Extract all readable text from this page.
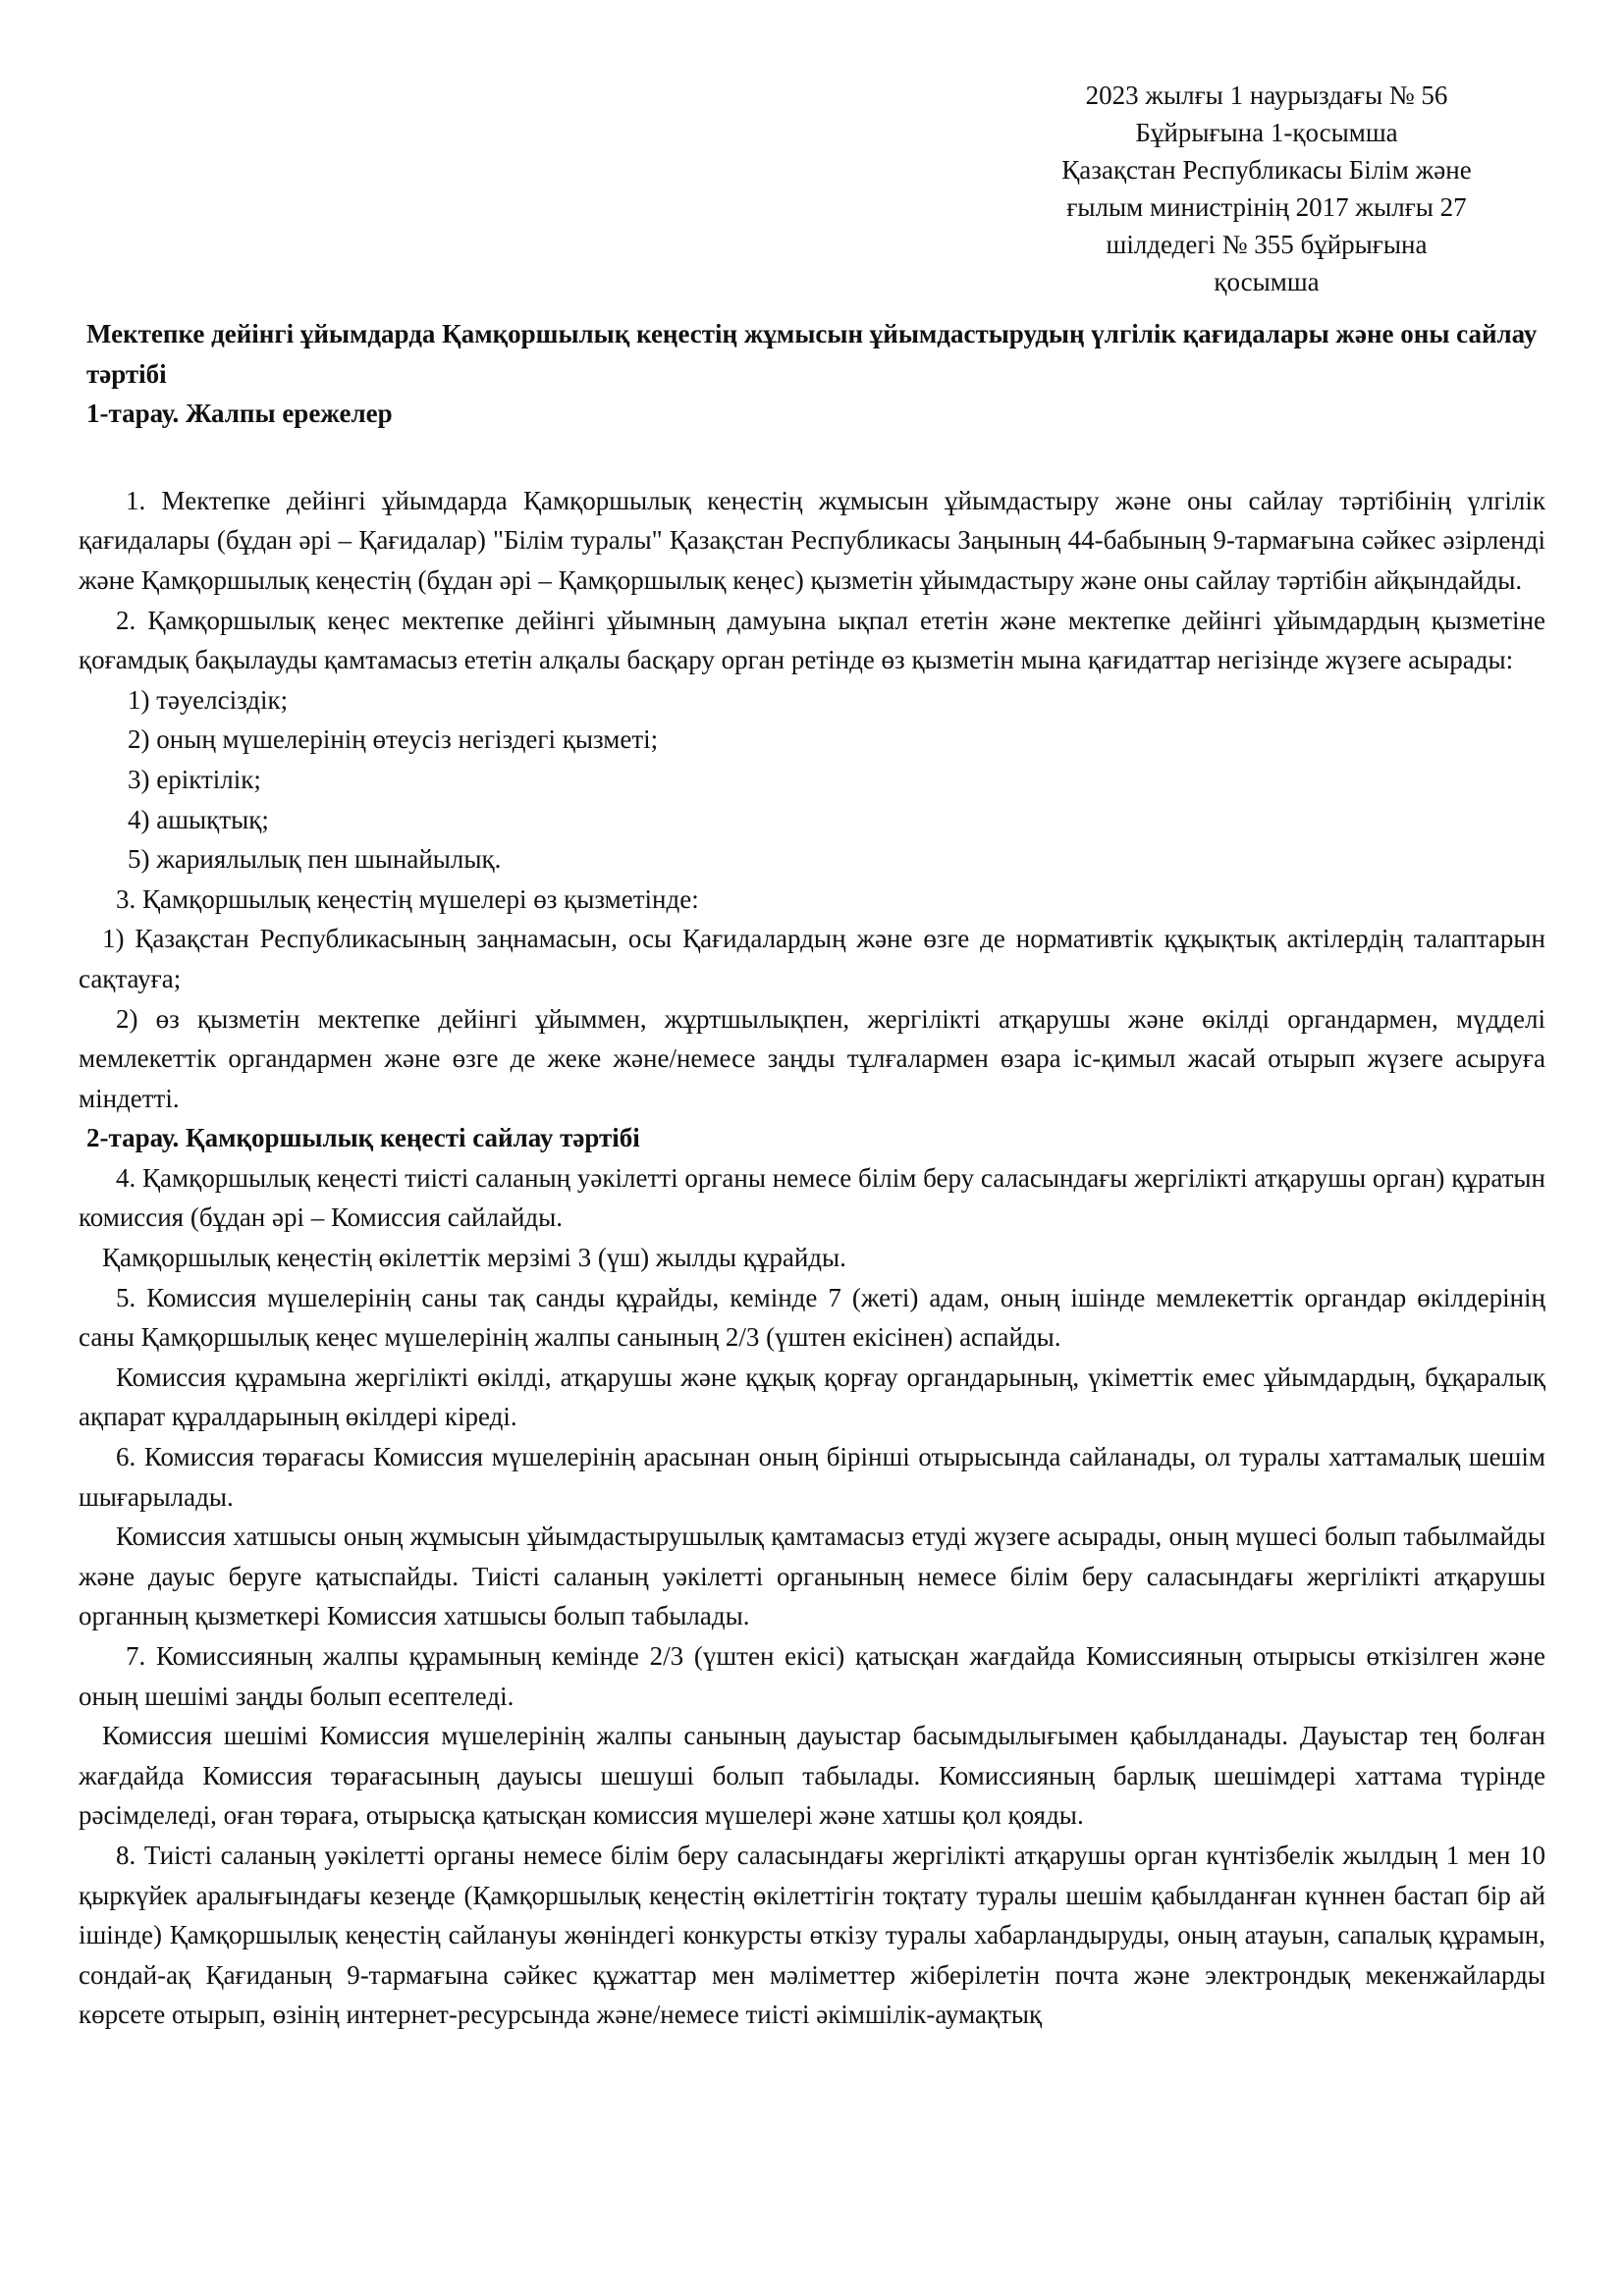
2023 жылғы 1 наурыздағы № 56
Бұйрығына 1-қосымша
Қазақстан Республикасы Білім және
ғылым министрінің 2017 жылғы 27
шілдедегі № 355 бұйрығына
қосымша

Мектепке дейінгі ұйымдарда Қамқоршылық кеңестің жұмысын ұйымдастырудың үлгілік қағидалары және оны сайлау тәртібі

1-тарау. Жалпы ережелер

1. Мектепке дейінгі ұйымдарда Қамқоршылық кеңестің жұмысын ұйымдастыру және оны сайлау тәртібінің үлгілік қағидалары (бұдан әрі – Қағидалар) "Білім туралы" Қазақстан Республикасы Заңының 44-бабының 9-тармағына сәйкес әзірленді және Қамқоршылық кеңестің (бұдан әрі – Қамқоршылық кеңес) қызметін ұйымдастыру және оны сайлау тәртібін айқындайды.

2. Қамқоршылық кеңес мектепке дейінгі ұйымның дамуына ықпал ететін және мектепке дейінгі ұйымдардың қызметіне қоғамдық бақылауды қамтамасыз ететін алқалы басқару орган ретінде өз қызметін мына қағидаттар негізінде жүзеге асырады:

1) тәуелсіздік;

2) оның мүшелерінің өтеусіз негіздегі қызметі;

3) еріктілік;

4) ашықтық;

5) жариялылық пен шынайылық.

3. Қамқоршылық кеңестің мүшелері өз қызметінде:

1) Қазақстан Республикасының заңнамасын, осы Қағидалардың және өзге де нормативтік құқықтық актілердің талаптарын сақтауға;

2) өз қызметін мектепке дейінгі ұйыммен, жұртшылықпен, жергілікті атқарушы және өкілді органдармен, мүдделі мемлекеттік органдармен және өзге де жеке және/немесе заңды тұлғалармен өзара іс-қимыл жасай отырып жүзеге асыруға міндетті.

2-тарау. Қамқоршылық кеңесті сайлау тәртібі

4. Қамқоршылық кеңесті тиісті саланың уәкілетті органы немесе білім беру саласындағы жергілікті атқарушы орган) құратын комиссия (бұдан әрі – Комиссия сайлайды.

Қамқоршылық кеңестің өкілеттік мерзімі 3 (үш) жылды құрайды.

5. Комиссия мүшелерінің саны тақ санды құрайды, кемінде 7 (жеті) адам, оның ішінде мемлекеттік органдар өкілдерінің саны Қамқоршылық кеңес мүшелерінің жалпы санының 2/3 (үштен екісінен) аспайды.

Комиссия құрамына жергілікті өкілді, атқарушы және құқық қорғау органдарының, үкіметтік емес ұйымдардың, бұқаралық ақпарат құралдарының өкілдері кіреді.

6. Комиссия төрағасы Комиссия мүшелерінің арасынан оның бірінші отырысында сайланады, ол туралы хаттамалық шешім шығарылады.

Комиссия хатшысы оның жұмысын ұйымдастырушылық қамтамасыз етуді жүзеге асырады, оның мүшесі болып табылмайды және дауыс беруге қатыспайды. Тиісті саланың уәкілетті органының немесе білім беру саласындағы жергілікті атқарушы органның қызметкері Комиссия хатшысы болып табылады.

7. Комиссияның жалпы құрамының кемінде 2/3 (үштен екісі) қатысқан жағдайда Комиссияның отырысы өткізілген және оның шешімі заңды болып есептеледі.

Комиссия шешімі Комиссия мүшелерінің жалпы санының дауыстар басымдылығымен қабылданады. Дауыстар тең болған жағдайда Комиссия төрағасының дауысы шешуші болып табылады. Комиссияның барлық шешімдері хаттама түрінде рәсімделеді, оған төраға, отырысқа қатысқан комиссия мүшелері және хатшы қол қояды.

8. Тиісті саланың уәкілетті органы немесе білім беру саласындағы жергілікті атқарушы орган күнтізбелік жылдың 1 мен 10 қыркүйек аралығындағы кезеңде (Қамқоршылық кеңестің өкілеттігін тоқтату туралы шешім қабылданған күннен бастап бір ай ішінде) Қамқоршылық кеңестің сайлануы жөніндегі конкурсты өткізу туралы хабарландыруды, оның атауын, сапалық құрамын, сондай-ақ Қағиданың 9-тармағына сәйкес құжаттар мен мәліметтер жіберілетін почта және электрондық мекенжайларды көрсете отырып, өзінің интернет-ресурсында және/немесе тиісті әкімшілік-аумақтық
